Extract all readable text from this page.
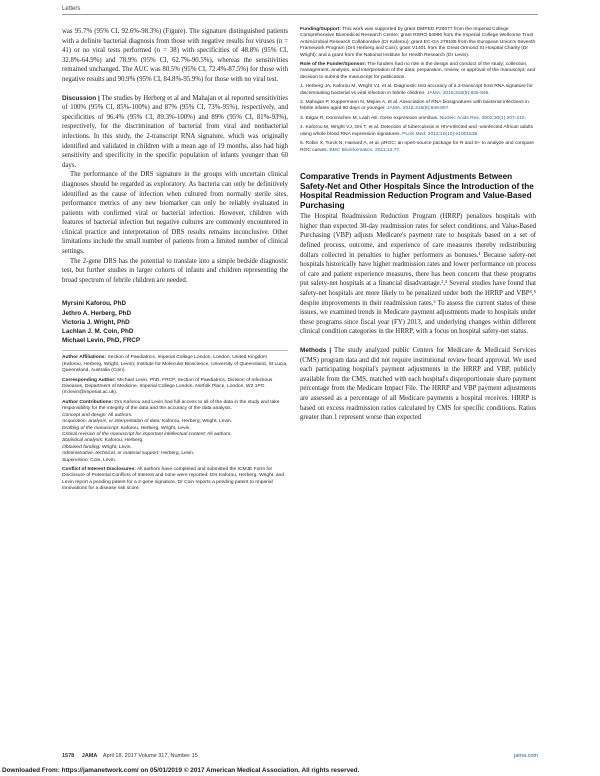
Letters

was 95.7% (95% CI, 92.6%-98.3%) (Figure). The signature distinguished patients with a definite bacterial diagnosis from those with negative results for viruses (n = 41) or no viral tests performed (n = 38) with specificities of 48.8% (95% CI, 32.8%-64.9%) and 78.9% (95% CI, 62.7%-90.5%), whereas the sensitivities remained unchanged. The AUC was 80.5% (95% CI, 72.4%-87.5%) for those with negative results and 90.9% (95% CI, 84.8%-95.9%) for those with no viral test.

Discussion | The studies by Herberg et al and Mahajan et al reported sensitivities of 100% (95% CI, 85%-100%) and 87% (95% CI, 73%-95%), respectively, and specificities of 96.4% (95% CI, 89.3%-100%) and 89% (95% CI, 81%-93%), respectively, for the discrimination of bacterial from viral and nonbacterial infections. In this study, the 2-transcript RNA signature, which was originally identified and validated in children with a mean age of 19 months, also had high sensitivity and specificity in the specific population of infants younger than 60 days.

The performance of the DRS signature in the groups with uncertain clinical diagnoses should be regarded as exploratory. As bacteria can only be definitively identified as the cause of infection when cultured from normally sterile sites, performance metrics of any new biomarker can only be reliably evaluated in patients with confirmed viral or bacterial infection. However, children with features of bacterial infection but negative cultures are commonly encountered in clinical practice and interpretation of DRS results remains inconclusive. Other limitations include the small number of patients from a limited number of clinical settings.

The 2-gene DRS has the potential to translate into a simple bedside diagnostic test, but further studies in larger cohorts of infants and children representing the broad spectrum of febrile children are needed.

Myrsini Kaforou, PhD
Jethro A. Herberg, PhD
Victoria J. Wright, PhD
Lachlan J. M. Coin, PhD
Michael Levin, PhD, FRCP

Author Affiliations: Section of Paediatrics, Imperial College London, London, United Kingdom (Kaforou, Herberg, Wright, Levin); Institute for Molecular Bioscience, University of Queensland, St Lucia, Queensland, Australia (Coin).

Corresponding Author: Michael Levin, PhD, FRCP, Section of Paediatrics, Division of Infectious Diseases, Department of Medicine, Imperial College London, Norfolk Place, London, W2 1PG (m.levin@imperial.ac.uk).

Author Contributions: Drs Kaforou and Levin had full access to all of the data in the study and take responsibility for the integrity of the data and the accuracy of the data analysis.

Concept and design: All authors.
Acquisition, analysis, or interpretation of data: Kaforou, Herberg, Wright, Levin.
Drafting of the manuscript: Kaforou, Herberg, Wright, Levin.
Critical revision of the manuscript for important intellectual content: All authors.
Statistical analysis: Kaforou, Herberg.
Obtained funding: Wright, Levin.
Administrative, technical, or material support: Herberg, Levin.
Supervision: Coin, Levin.

Conflict of Interest Disclosures: All authors have completed and submitted the ICMJE Form for Disclosure of Potential Conflicts of Interest and none were reported. Drs Kaforou, Herberg, Wright, and Levin report a pending patent for a 2-gene signature. Dr Coin reports a pending patent to Imperial Innovations for a disease risk score.

Funding/Support: This work was supported by grant DMPED P26077 from the Imperial College Comprehensive Biomedical Research Centre; grant RSRO 54990 from the Imperial College Wellcome Trust Antimicrobial Research Collaborative (Dr Kaforou); grant EC-GA 279185 from the European Union's Seventh Framework Program (Drs Herberg and Coin); grant V1401 from the Great Ormond St Hospital Charity (Dr Wright); and a grant from the National Institute for Health Research (Dr Levin).

Role of the Funder/Sponsor: The funders had no role in the design and conduct of the study; collection, management, analysis, and interpretation of the data; preparation, review, or approval of the manuscript; and decision to submit the manuscript for publication.

1. Herberg JA, Kaforou M, Wright VJ, et al. Diagnostic test accuracy of a 2-transcript host RNA signature for discriminating bacterial vs viral infection in febrile children. JAMA. 2016;316(8):835-845.
2. Mahajan P, Kuppermann N, Mejias A, et al. Association of RNA biosignatures with bacterial infections in febrile infants aged 60 days or younger. JAMA. 2016;316(8):846-857.
3. Edgar R, Domrachev M, Lash AE. Gene expression omnibus. Nucleic Acids Res. 2002;30(1):207-210.
4. Kaforou M, Wright VJ, Oni T, et al. Detection of tuberculosis in HIV-infected and -uninfected African adults using whole blood RNA expression signatures. PLoS Med. 2013;10(10):e1001538.
5. Robin X, Turck N, Hainard A, et al. pROC: an open-source package for R and S+ to analyze and compare ROC curves. BMC Bioinformatics. 2011;12:77.
Comparative Trends in Payment Adjustments Between Safety-Net and Other Hospitals Since the Introduction of the Hospital Readmission Reduction Program and Value-Based Purchasing

The Hospital Readmission Reduction Program (HRRP) penalizes hospitals with higher than expected 30-day readmission rates for select conditions, and Value-Based Purchasing (VBP) adjusts Medicare's payment rate to hospitals based on a set of defined process, outcome, and experience of care measures thereby redistributing dollars collected in penalties to higher performers as bonuses.¹ Because safety-net hospitals historically have higher readmission rates and lower performance on process of care and patient experience measures, there has been concern that these programs put safety-net hospitals at a financial disadvantage.²,³ Several studies have found that safety-net hospitals are more likely to be penalized under both the HRRP and VBP⁴,⁵ despite improvements in their readmission rates.⁶ To assess the current status of these issues, we examined trends in Medicare payment adjustments made to hospitals under these programs since fiscal year (FY) 2013, and underlying changes within different clinical condition categories in the HRRP, with a focus on hospital safety-net status.

Methods | The study analyzed public Centers for Medicare & Medicaid Services (CMS) program data and did not require institutional review board approval. We used each participating hospital's payment adjustments in the HRRP and VBP, publicly available from the CMS, matched with each hospital's disproportionate share payment percentage from the Medicare Impact File. The HRRP and VBP payment adjustments are assessed as a percentage of all Medicare payments a hospital receives. HRRP is based on excess readmission ratios calculated by CMS for specific conditions. Ratios greater than 1 represent worse than expected

1578 JAMA April 18, 2017 Volume 317, Number 15	jama.com
Downloaded From: https://jamanetwork.com/ on 05/01/2019 © 2017 American Medical Association. All rights reserved.
